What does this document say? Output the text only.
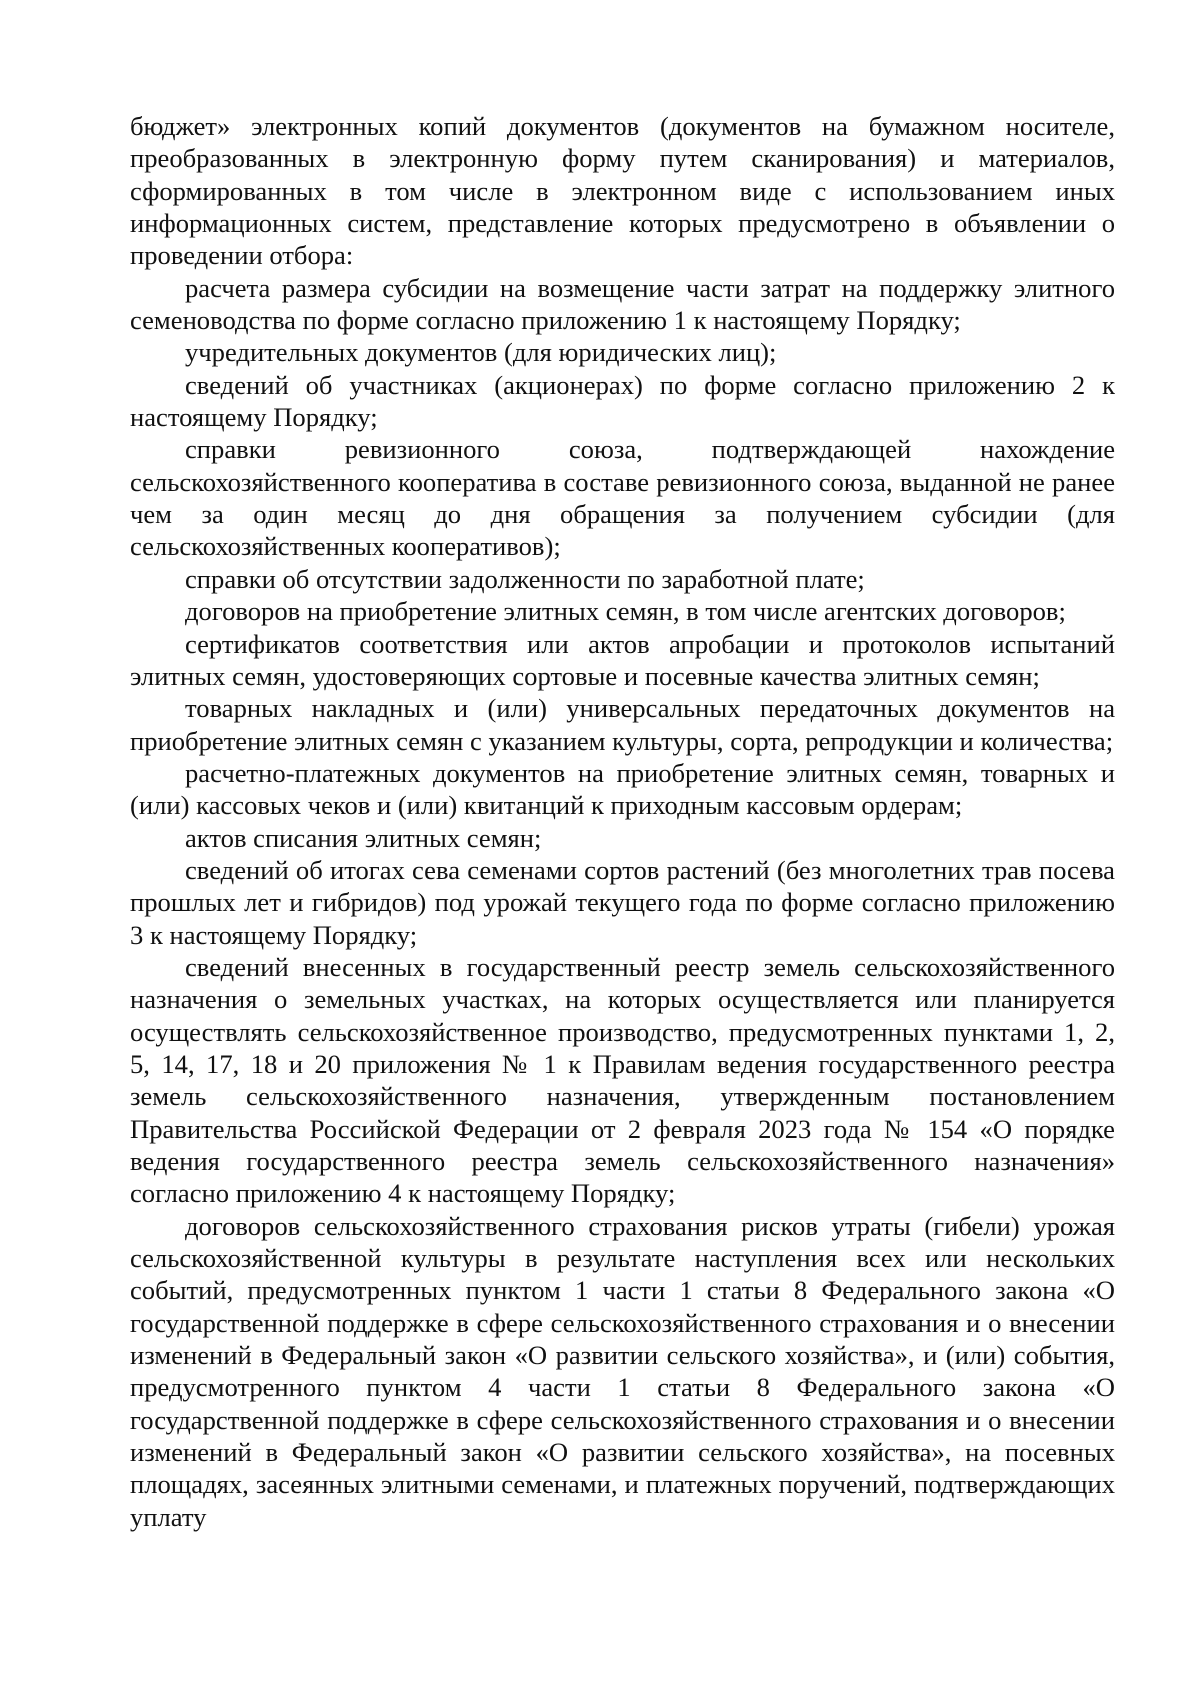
бюджет» электронных копий документов (документов на бумажном носителе, преобразованных в электронную форму путем сканирования) и материалов, сформированных в том числе в электронном виде с использованием иных информационных систем, представление которых предусмотрено в объявлении о проведении отбора:

расчета размера субсидии на возмещение части затрат на поддержку элитного семеноводства по форме согласно приложению 1 к настоящему Порядку;

учредительных документов (для юридических лиц);

сведений об участниках (акционерах) по форме согласно приложению 2 к настоящему Порядку;

справки ревизионного союза, подтверждающей нахождение сельскохозяйственного кооператива в составе ревизионного союза, выданной не ранее чем за один месяц до дня обращения за получением субсидии (для сельскохозяйственных кооперативов);

справки об отсутствии задолженности по заработной плате;

договоров на приобретение элитных семян, в том числе агентских договоров;

сертификатов соответствия или актов апробации и протоколов испытаний элитных семян, удостоверяющих сортовые и посевные качества элитных семян;

товарных накладных и (или) универсальных передаточных документов на приобретение элитных семян с указанием культуры, сорта, репродукции и количества;

расчетно-платежных документов на приобретение элитных семян, товарных и (или) кассовых чеков и (или) квитанций к приходным кассовым ордерам;

актов списания элитных семян;

сведений об итогах сева семенами сортов растений (без многолетних трав посева прошлых лет и гибридов) под урожай текущего года по форме согласно приложению 3 к настоящему Порядку;

сведений внесенных в государственный реестр земель сельскохозяйственного назначения о земельных участках, на которых осуществляется или планируется осуществлять сельскохозяйственное производство, предусмотренных пунктами 1, 2, 5, 14, 17, 18 и 20 приложения № 1 к Правилам ведения государственного реестра земель сельскохозяйственного назначения, утвержденным постановлением Правительства Российской Федерации от 2 февраля 2023 года № 154 «О порядке ведения государственного реестра земель сельскохозяйственного назначения» согласно приложению 4 к настоящему Порядку;

договоров сельскохозяйственного страхования рисков утраты (гибели) урожая сельскохозяйственной культуры в результате наступления всех или нескольких событий, предусмотренных пунктом 1 части 1 статьи 8 Федерального закона «О государственной поддержке в сфере сельскохозяйственного страхования и о внесении изменений в Федеральный закон «О развитии сельского хозяйства», и (или) события, предусмотренного пунктом 4 части 1 статьи 8 Федерального закона «О государственной поддержке в сфере сельскохозяйственного страхования и о внесении изменений в Федеральный закон «О развитии сельского хозяйства», на посевных площадях, засеянных элитными семенами, и платежных поручений, подтверждающих уплату
